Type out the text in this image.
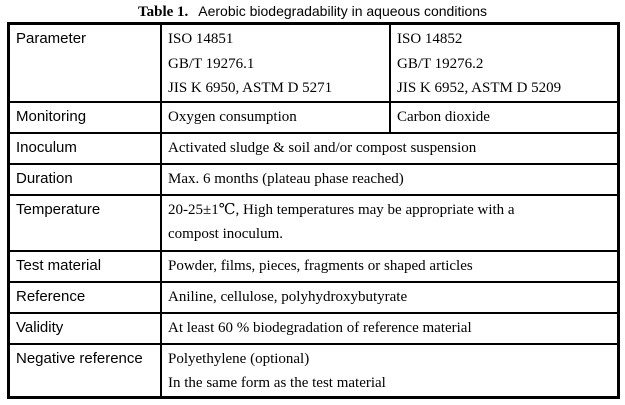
Table 1. Aerobic biodegradability in aqueous conditions
Parameter	ISO 14851
GB/T 19276.1
JIS K 6950, ASTM D 5271	ISO 14852
GB/T 19276.2
JIS K 6952, ASTM D 5209

Monitoring	Oxygen consumption	Carbon dioxide
Inoculum	Activated sludge & soil and/or compost suspension	
Duration	Max. 6 months (plateau phase reached)	
Temperature	20-25±1℃, High temperatures may be appropriate with a
compost inoculum.	

Test material	Powder, films, pieces, fragments or shaped articles	
Reference	Aniline, cellulose, polyhydroxybutyrate	
Validity	At least 60 % biodegradation of reference material	
Negative reference	Polyethylene (optional)
In the same form as the test material	
